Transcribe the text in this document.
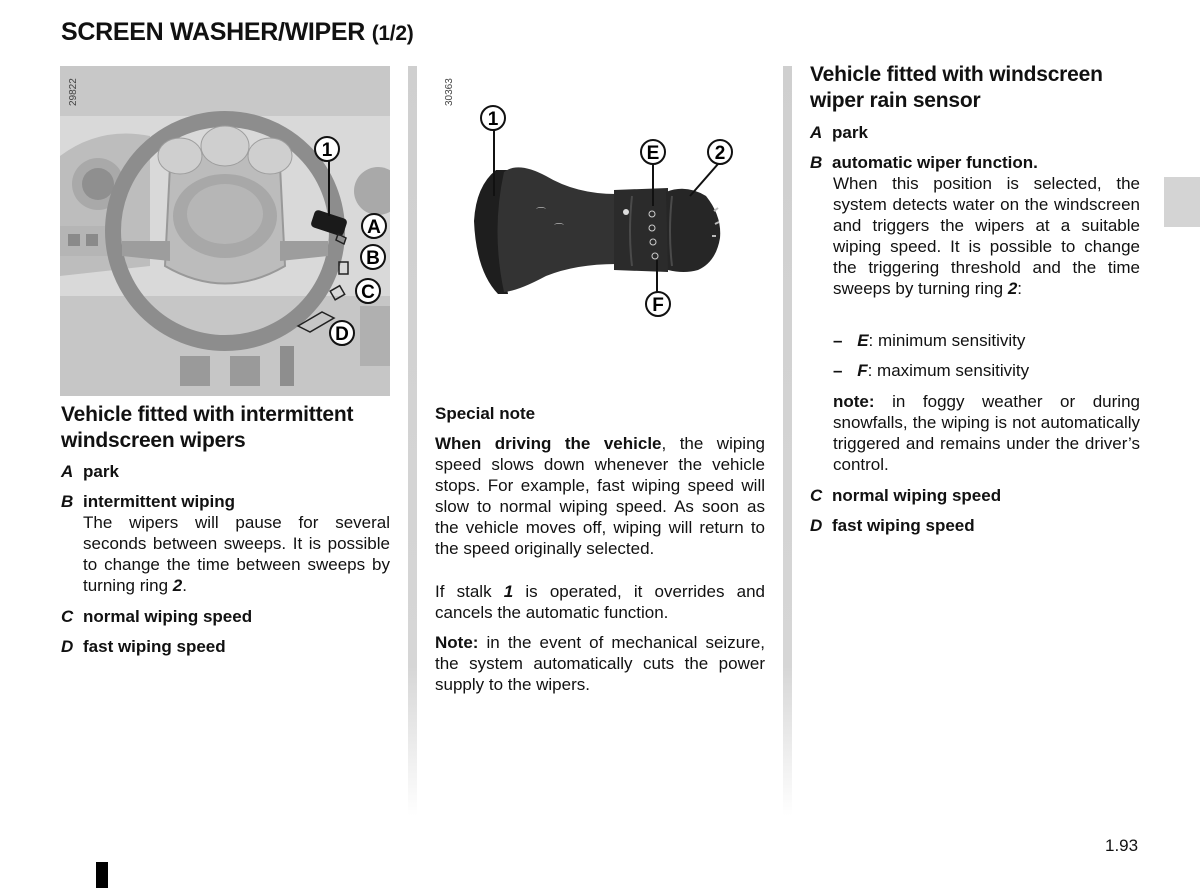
SCREEN WASHER/WIPER (1/2)
1
A
B
C
D
29822
⌒
⌒
1
E	2
F
30363
Vehicle fitted with intermittent
windscreen wipers
A park
B intermittent wiping
The wipers will pause for several seconds between sweeps. It is possible to change the time between sweeps by turning ring 2.
C normal wiping speed
D fast wiping speed
Special note
When driving the vehicle, the wiping speed slows down whenever the vehicle stops. For example, fast wiping speed will slow to normal wiping speed. As soon as the vehicle moves off, wiping will return to the speed originally selected.
If stalk 1 is operated, it overrides and cancels the automatic function.
Note: in the event of mechanical seizure, the system automatically cuts the power supply to the wipers.
Vehicle fitted with windscreen
wiper rain sensor
A park
B automatic wiper function.
When this position is selected, the system detects water on the windscreen and triggers the wipers at a suitable wiping speed. It is possible to change the triggering threshold and the time sweeps by turning ring 2:
– E: minimum sensitivity
– F: maximum sensitivity
note: in foggy weather or during snowfalls, the wiping is not automatically triggered and remains under the driver’s control.
C normal wiping speed
D fast wiping speed
1.93
